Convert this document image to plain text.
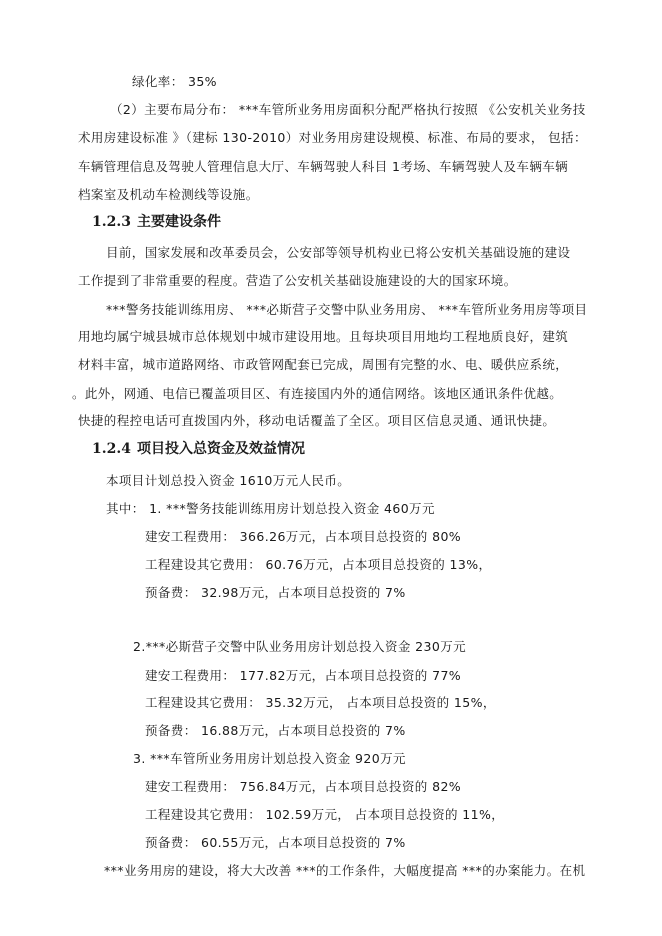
绿化率： 35%
（2）主要布局分布： ***车管所业务用房面积分配严格执行按照 《公安机关业务技
术用房建设标准 》（建标 130-2010）对业务用房建设规模、标准、布局的要求， 包括：
车辆管理信息及驾驶人管理信息大厅、车辆驾驶人科目 1考场、车辆驾驶人及车辆车辆
档案室及机动车检测线等设施。
1.2.3 主要建设条件
目前，国家发展和改革委员会，公安部等领导机构业已将公安机关基础设施的建设
工作提到了非常重要的程度。营造了公安机关基础设施建设的大的国家环境。
***警务技能训练用房、 ***必斯营子交警中队业务用房、 ***车管所业务用房等项目
用地均属宁城县城市总体规划中城市建设用地。且每块项目用地均工程地质良好，建筑
材料丰富，城市道路网络、市政管网配套已完成，周围有完整的水、电、暖供应系统，
。此外，网通、电信已覆盖项目区、有连接国内外的通信网络。该地区通讯条件优越。
快捷的程控电话可直拨国内外，移动电话覆盖了全区。项目区信息灵通、通讯快捷。
1.2.4 项目投入总资金及效益情况
本项目计划总投入资金 1610万元人民币。
其中： 1. ***警务技能训练用房计划总投入资金 460万元
建安工程费用： 366.26万元，占本项目总投资的 80%
工程建设其它费用： 60.76万元，占本项目总投资的 13%，
预备费： 32.98万元，占本项目总投资的 7%
2.***必斯营子交警中队业务用房计划总投入资金 230万元
建安工程费用： 177.82万元，占本项目总投资的 77%
工程建设其它费用： 35.32万元， 占本项目总投资的 15%，
预备费： 16.88万元，占本项目总投资的 7%
3. ***车管所业务用房计划总投入资金 920万元
建安工程费用： 756.84万元，占本项目总投资的 82%
工程建设其它费用： 102.59万元， 占本项目总投资的 11%，
预备费： 60.55万元，占本项目总投资的 7%
***业务用房的建设，将大大改善 ***的工作条件，大幅度提高 ***的办案能力。在机
